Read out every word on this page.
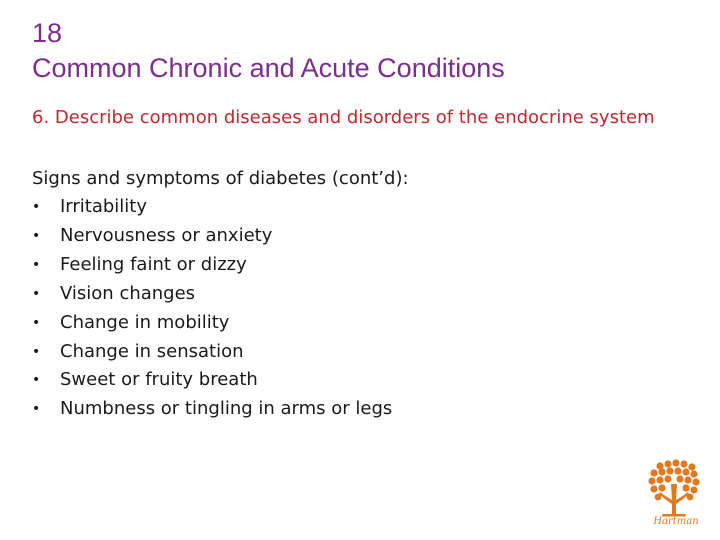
18
Common Chronic and Acute Conditions
6. Describe common diseases and disorders of the endocrine system
Signs and symptoms of diabetes (cont’d):
• Irritability
• Nervousness or anxiety
• Feeling faint or dizzy
• Vision changes
• Change in mobility
• Change in sensation
• Sweet or fruity breath
• Numbness or tingling in arms or legs
Hartman
